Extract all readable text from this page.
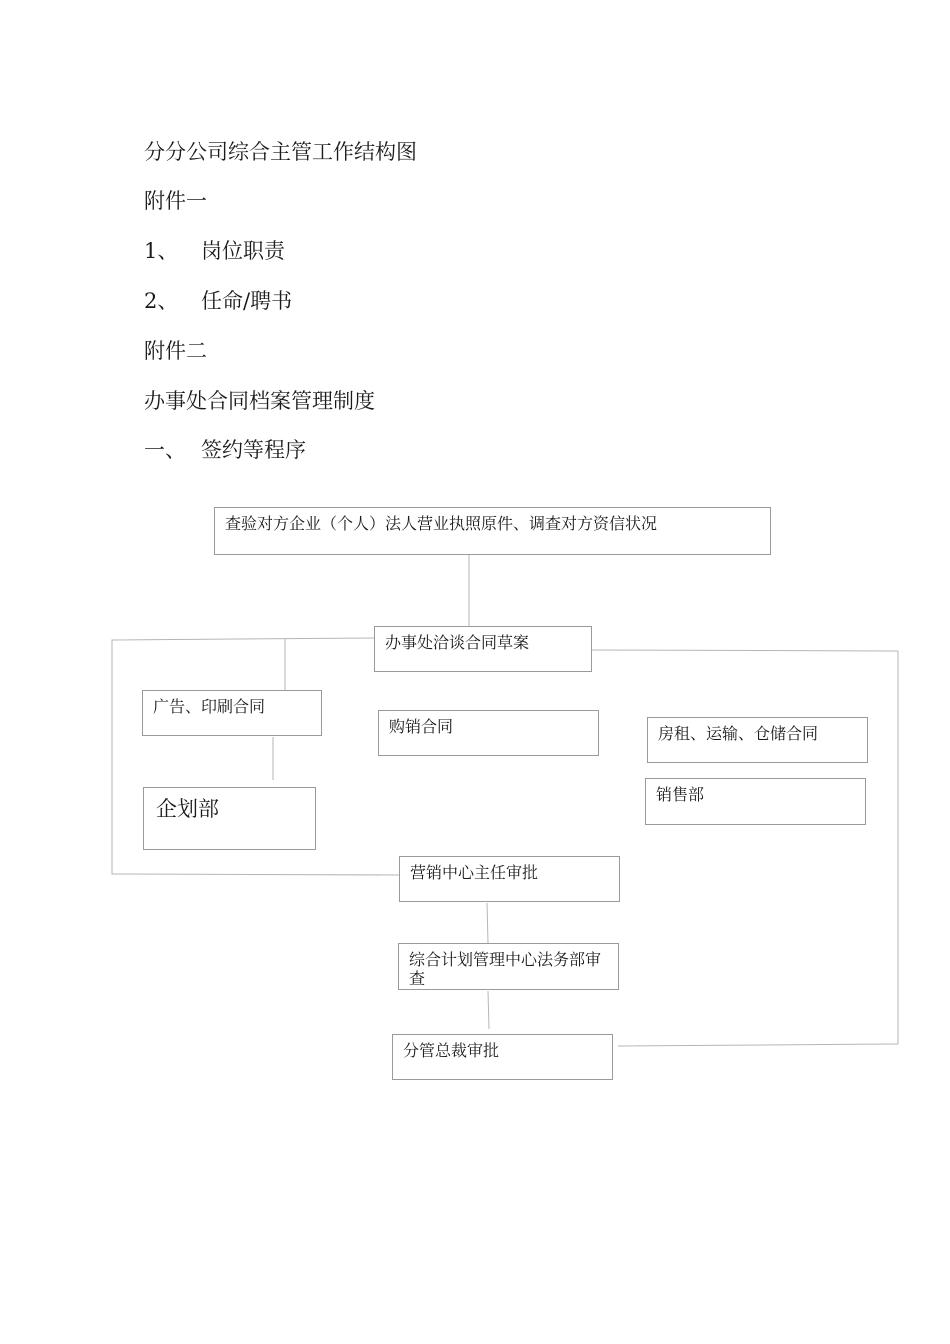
分分公司综合主管工作结构图
附件一
1、 岗位职责
2、 任命/聘书
附件二
办事处合同档案管理制度
一、 签约等程序
查验对方企业（个人）法人营业执照原件、调查对方资信状况
办事处洽谈合同草案
广告、印刷合同
购销合同	房租、运输、仓储合同
企划部
销售部
营销中心主任审批
综合计划管理中心法务部审查
分管总裁审批
